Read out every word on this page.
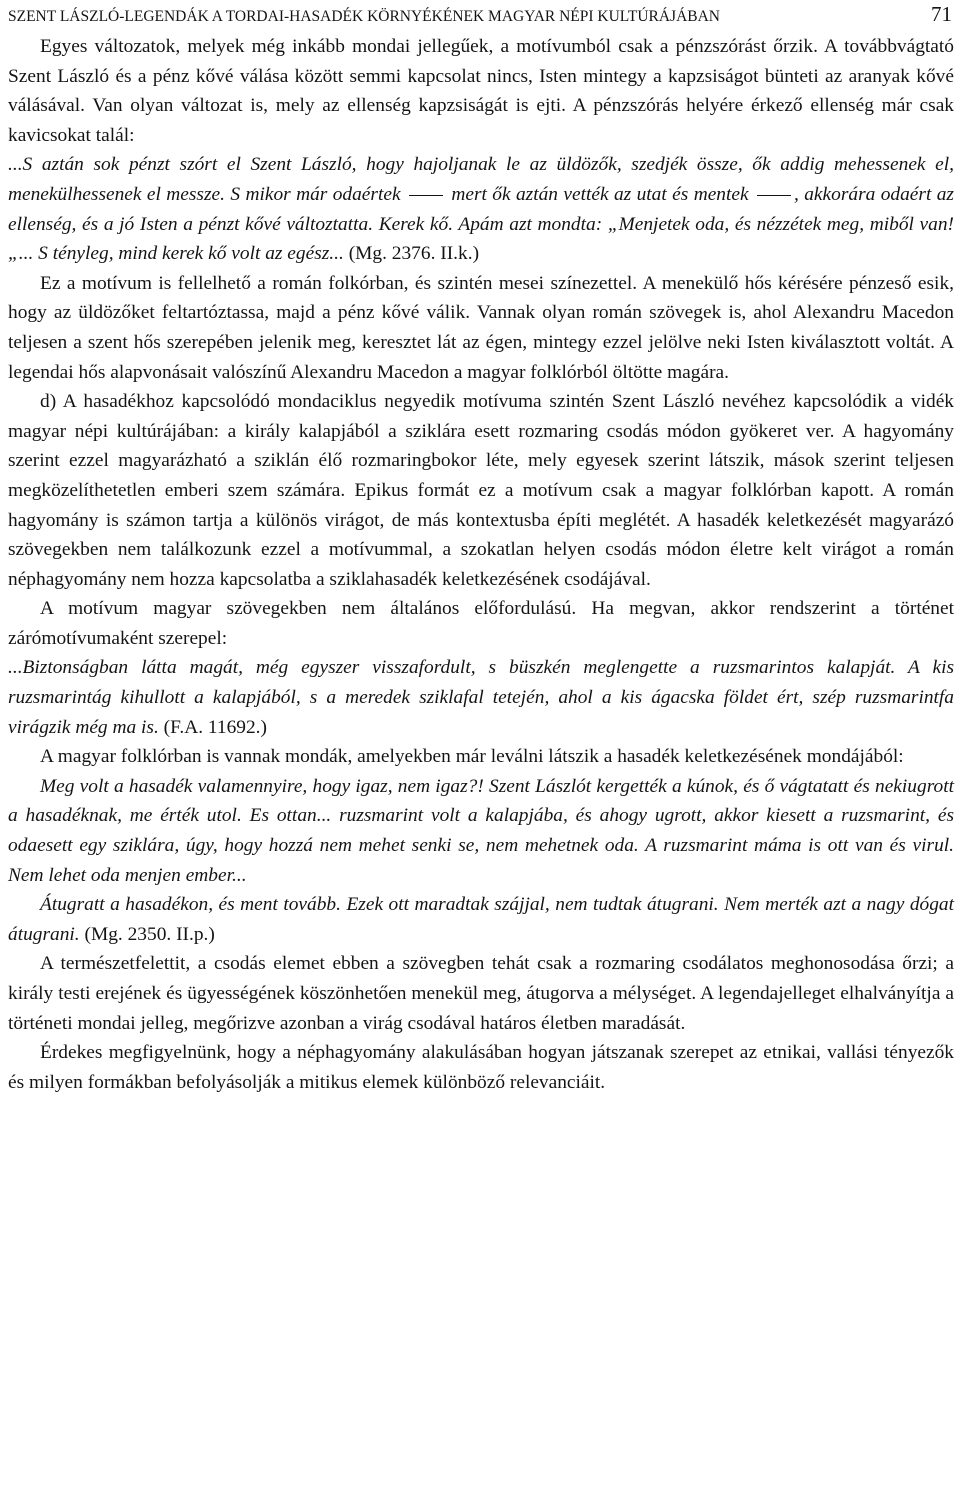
SZENT LÁSZLÓ-LEGENDÁK A TORDAI-HASADÉK KÖRNYÉKÉNEK MAGYAR NÉPI KULTÚRÁJÁBAN	71

Egyes változatok, melyek még inkább mondai jellegűek, a motívumból csak a pénzszórást őrzik. A továbbvágtató Szent László és a pénz kővé válása között semmi kapcsolat nincs, Isten mintegy a kapzsiságot bünteti az aranyak kővé válásával. Van olyan változat is, mely az ellenség kapzsiságát is ejti. A pénzszórás helyére érkező ellenség már csak kavicsokat talál:

...S aztán sok pénzt szórt el Szent László, hogy hajoljanak le az üldözők, szedjék össze, ők addig mehessenek el, menekülhessenek el messze. S mikor már odaértek	mert ők aztán vették az utat és mentek , akkorára odaért az ellenség, és a jó Isten a pénzt kővé változtatta. Kerek kő. Apám azt mondta: „Menjetek oda, és nézzétek meg, miből van! „... S tényleg, mind kerek kő volt az egész... (Mg. 2376. II.k.)

Ez a motívum is fellelhető a román folkórban, és szintén mesei színezettel. A menekülő hős kérésére pénzeső esik, hogy az üldözőket feltartóztassa, majd a pénz kővé válik. Vannak olyan román szövegek is, ahol Alexandru Macedon teljesen a szent hős szerepében jelenik meg, keresztet lát az égen, mintegy ezzel jelölve neki Isten kiválasztott voltát. A legendai hős alapvonásait valószínű Alexandru Macedon a magyar folklórból öltötte magára.

d) A hasadékhoz kapcsolódó mondaciklus negyedik motívuma szintén Szent László nevéhez kapcsolódik a vidék magyar népi kultúrájában: a király kalapjából a sziklára esett rozmaring csodás módon gyökeret ver. A hagyomány szerint ezzel magyarázható a sziklán élő rozmaringbokor léte, mely egyesek szerint látszik, mások szerint teljesen megközelíthetetlen emberi szem számára. Epikus formát ez a motívum csak a magyar folklórban kapott. A román hagyomány is számon tartja a különös virágot, de más kontextusba építi meglétét. A hasadék keletkezését magyarázó szövegekben nem találkozunk ezzel a motívummal, a szokatlan helyen csodás módon életre kelt virágot a román néphagyomány nem hozza kapcsolatba a sziklahasadék keletkezésének csodájával.

A motívum magyar szövegekben nem általános előfordulású. Ha megvan, akkor rendszerint a történet zárómotívumaként szerepel:

...Biztonságban látta magát, még egyszer visszafordult, s büszkén meglengette a ruzsmarintos kalapját. A kis ruzsmarintág kihullott a kalapjából, s a meredek sziklafal tetején, ahol a kis ágacska földet ért, szép ruzsmarintfa virágzik még ma is. (F.A. 11692.)

A magyar folklórban is vannak mondák, amelyekben már leválni látszik a hasadék keletkezésének mondájából:

Meg volt a hasadék valamennyire, hogy igaz, nem igaz?! Szent Lászlót kergették a kúnok, és ő vágtatatt és nekiugrott a hasadéknak, me érték utol. Es ottan... ruzsmarint volt a kalapjába, és ahogy ugrott, akkor kiesett a ruzsmarint, és odaesett egy sziklára, úgy, hogy hozzá nem mehet senki se, nem mehetnek oda. A ruzsmarint máma is ott van és virul. Nem lehet oda menjen ember...

Átugratt a hasadékon, és ment tovább. Ezek ott maradtak szájjal, nem tudtak átugrani. Nem merték azt a nagy dógat átugrani. (Mg. 2350. II.p.)

A természetfelettit, a csodás elemet ebben a szövegben tehát csak a rozmaring csodálatos meghonosodása őrzi; a király testi erejének és ügyességének köszönhetően menekül meg, átugorva a mélységet. A legendajelleget elhalványítja a történeti mondai jelleg, megőrizve azonban a virág csodával határos életben maradását.

Érdekes megfigyelnünk, hogy a néphagyomány alakulásában hogyan játszanak szerepet az etnikai, vallási tényezők és milyen formákban befolyásolják a mitikus elemek különböző relevanciáit.
